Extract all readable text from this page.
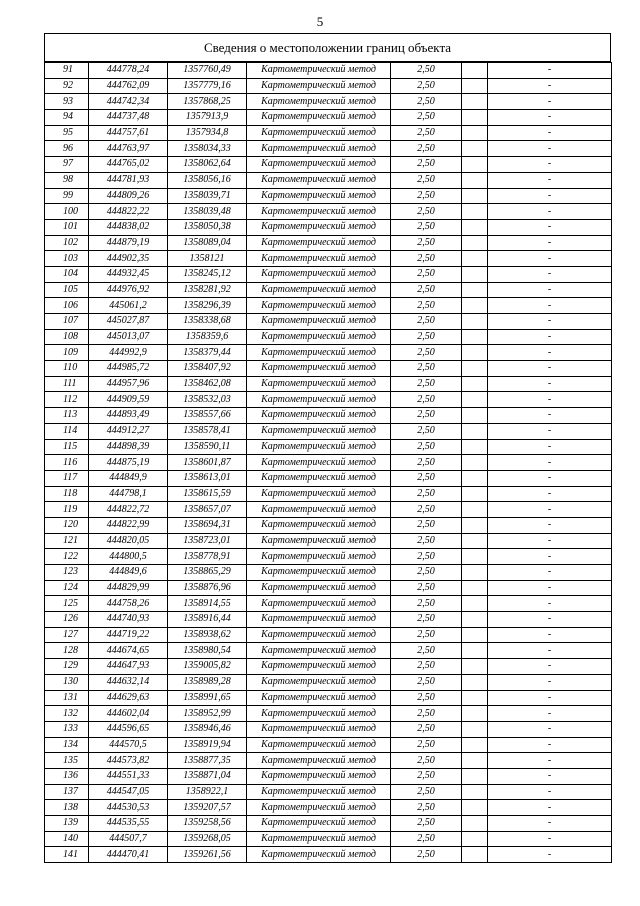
5
Сведения о местоположении границ объекта
91	444778,24	1357760,49	Картометрический метод	2,50		-
92	444762,09	1357779,16	Картометрический метод	2,50		-
93	444742,34	1357868,25	Картометрический метод	2,50		-
94	444737,48	1357913,9	Картометрический метод	2,50		-
95	444757,61	1357934,8	Картометрический метод	2,50		-
96	444763,97	1358034,33	Картометрический метод	2,50		-
97	444765,02	1358062,64	Картометрический метод	2,50		-
98	444781,93	1358056,16	Картометрический метод	2,50		-
99	444809,26	1358039,71	Картометрический метод	2,50		-
100	444822,22	1358039,48	Картометрический метод	2,50		-
101	444838,02	1358050,38	Картометрический метод	2,50		-
102	444879,19	1358089,04	Картометрический метод	2,50		-
103	444902,35	1358121	Картометрический метод	2,50		-
104	444932,45	1358245,12	Картометрический метод	2,50		-
105	444976,92	1358281,92	Картометрический метод	2,50		-
106	445061,2	1358296,39	Картометрический метод	2,50		-
107	445027,87	1358338,68	Картометрический метод	2,50		-
108	445013,07	1358359,6	Картометрический метод	2,50		-
109	444992,9	1358379,44	Картометрический метод	2,50		-
110	444985,72	1358407,92	Картометрический метод	2,50		-
111	444957,96	1358462,08	Картометрический метод	2,50		-
112	444909,59	1358532,03	Картометрический метод	2,50		-
113	444893,49	1358557,66	Картометрический метод	2,50		-
114	444912,27	1358578,41	Картометрический метод	2,50		-
115	444898,39	1358590,11	Картометрический метод	2,50		-
116	444875,19	1358601,87	Картометрический метод	2,50		-
117	444849,9	1358613,01	Картометрический метод	2,50		-
118	444798,1	1358615,59	Картометрический метод	2,50		-
119	444822,72	1358657,07	Картометрический метод	2,50		-
120	444822,99	1358694,31	Картометрический метод	2,50		-
121	444820,05	1358723,01	Картометрический метод	2,50		-
122	444800,5	1358778,91	Картометрический метод	2,50		-
123	444849,6	1358865,29	Картометрический метод	2,50		-
124	444829,99	1358876,96	Картометрический метод	2,50		-
125	444758,26	1358914,55	Картометрический метод	2,50		-
126	444740,93	1358916,44	Картометрический метод	2,50		-
127	444719,22	1358938,62	Картометрический метод	2,50		-
128	444674,65	1358980,54	Картометрический метод	2,50		-
129	444647,93	1359005,82	Картометрический метод	2,50		-
130	444632,14	1358989,28	Картометрический метод	2,50		-
131	444629,63	1358991,65	Картометрический метод	2,50		-
132	444602,04	1358952,99	Картометрический метод	2,50		-
133	444596,65	1358946,46	Картометрический метод	2,50		-
134	444570,5	1358919,94	Картометрический метод	2,50		-
135	444573,82	1358877,35	Картометрический метод	2,50		-
136	444551,33	1358871,04	Картометрический метод	2,50		-
137	444547,05	1358922,1	Картометрический метод	2,50		-
138	444530,53	1359207,57	Картометрический метод	2,50		-
139	444535,55	1359258,56	Картометрический метод	2,50		-
140	444507,7	1359268,05	Картометрический метод	2,50		-
141	444470,41	1359261,56	Картометрический метод	2,50		-
